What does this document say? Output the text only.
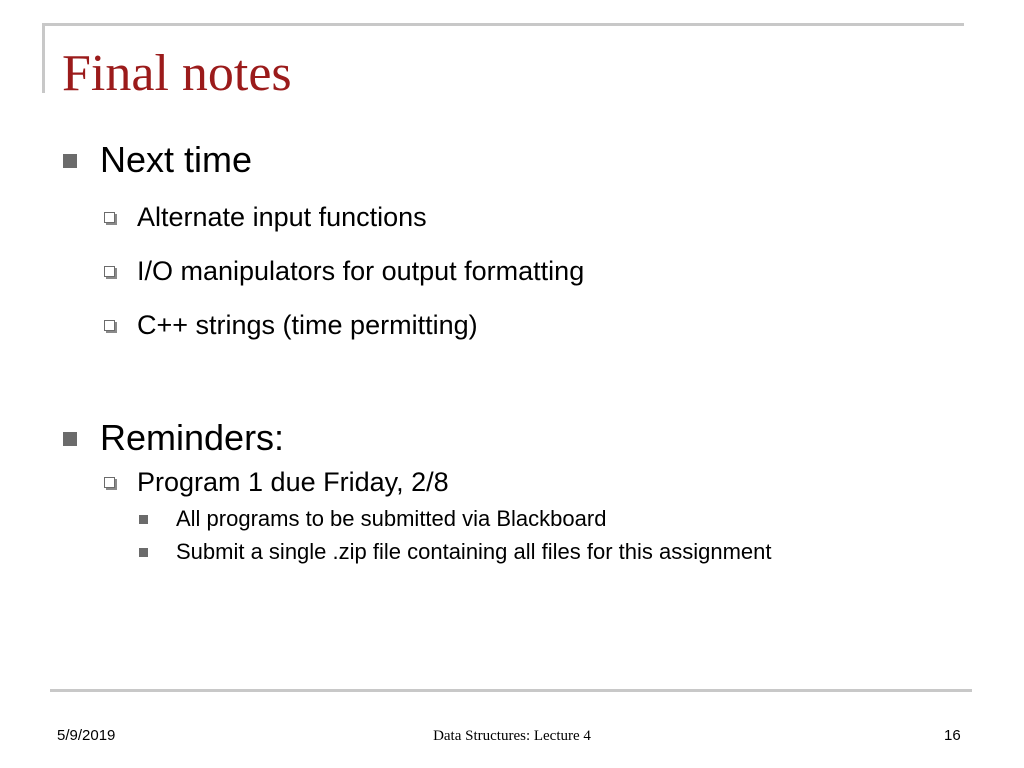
Final notes
Next time
Alternate input functions
I/O manipulators for output formatting
C++ strings (time permitting)
Reminders:
Program 1 due Friday, 2/8
All programs to be submitted via Blackboard
Submit a single .zip file containing all files for this assignment
5/9/2019	Data Structures: Lecture 4	16
